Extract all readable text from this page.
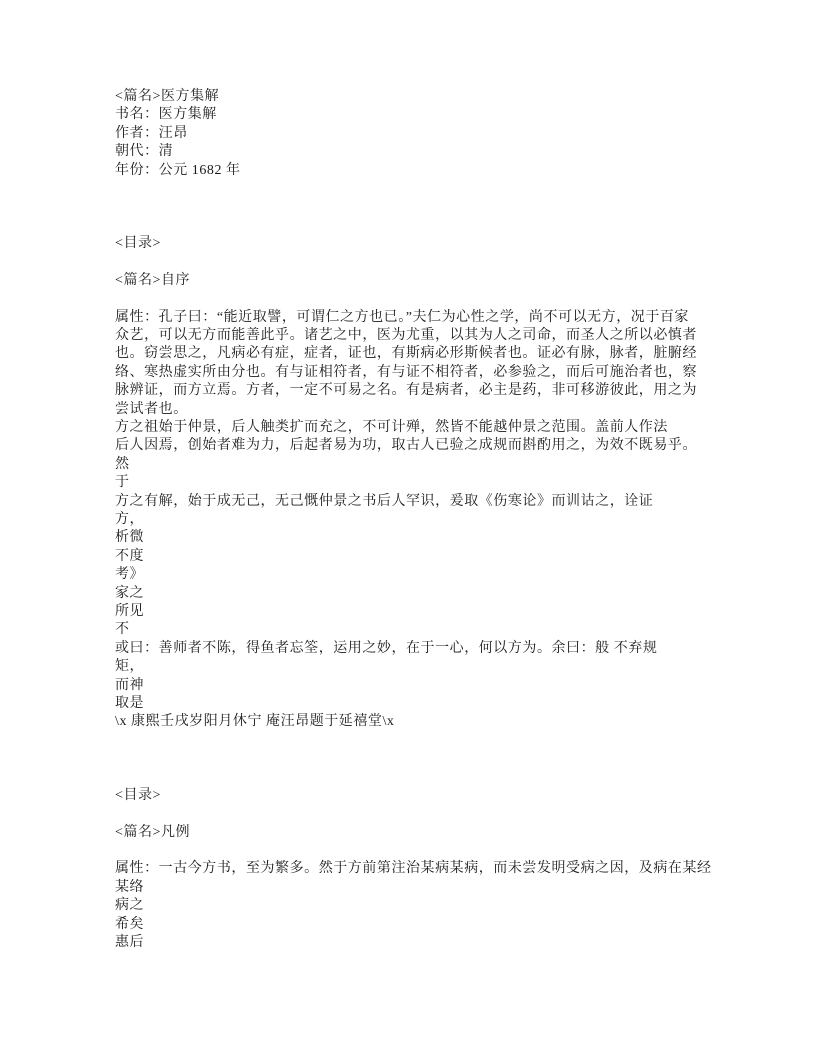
<篇名>医方集解
书名：医方集解
作者：汪昂
朝代：清
年份：公元 1682 年

<目录>

<篇名>自序

属性：孔子曰：“能近取譬，可谓仁之方也已。”夫仁为心性之学，尚不可以无方，况于百家
众艺，可以无方而能善此乎。诸艺之中，医为尤重，以其为人之司命，而圣人之所以必慎者
也。窃尝思之，凡病必有症，症者，证也，有斯病必形斯候者也。证必有脉，脉者，脏腑经
络、寒热虚实所由分也。有与证相符者，有与证不相符者，必参验之，而后可施治者也，察
脉辨证，而方立焉。方者，一定不可易之名。有是病者，必主是药，非可移游彼此，用之为
尝试者也。
方之祖始于仲景，后人触类扩而充之，不可计殚，然皆不能越仲景之范围。盖前人作法
后人因焉，创始者难为力，后起者易为功，取古人已验之成规而斟酌用之，为效不既易乎。
然
于
方之有解，始于成无己，无己慨仲景之书后人罕识，爰取《伤寒论》而训诂之，诠证
方，
析微
不度
考》
家之
所见
不
或曰：善师者不陈，得鱼者忘筌，运用之妙，在于一心，何以方为。余曰：般 不弃规
矩，
而神
取是
\x 康熙壬戌岁阳月休宁 庵汪昂题于延禧堂\x

<目录>

<篇名>凡例

属性：一古今方书，至为繁多。然于方前第注治某病某病，而未尝发明受病之因，及病在某经
某络
病之
希矣
惠后
